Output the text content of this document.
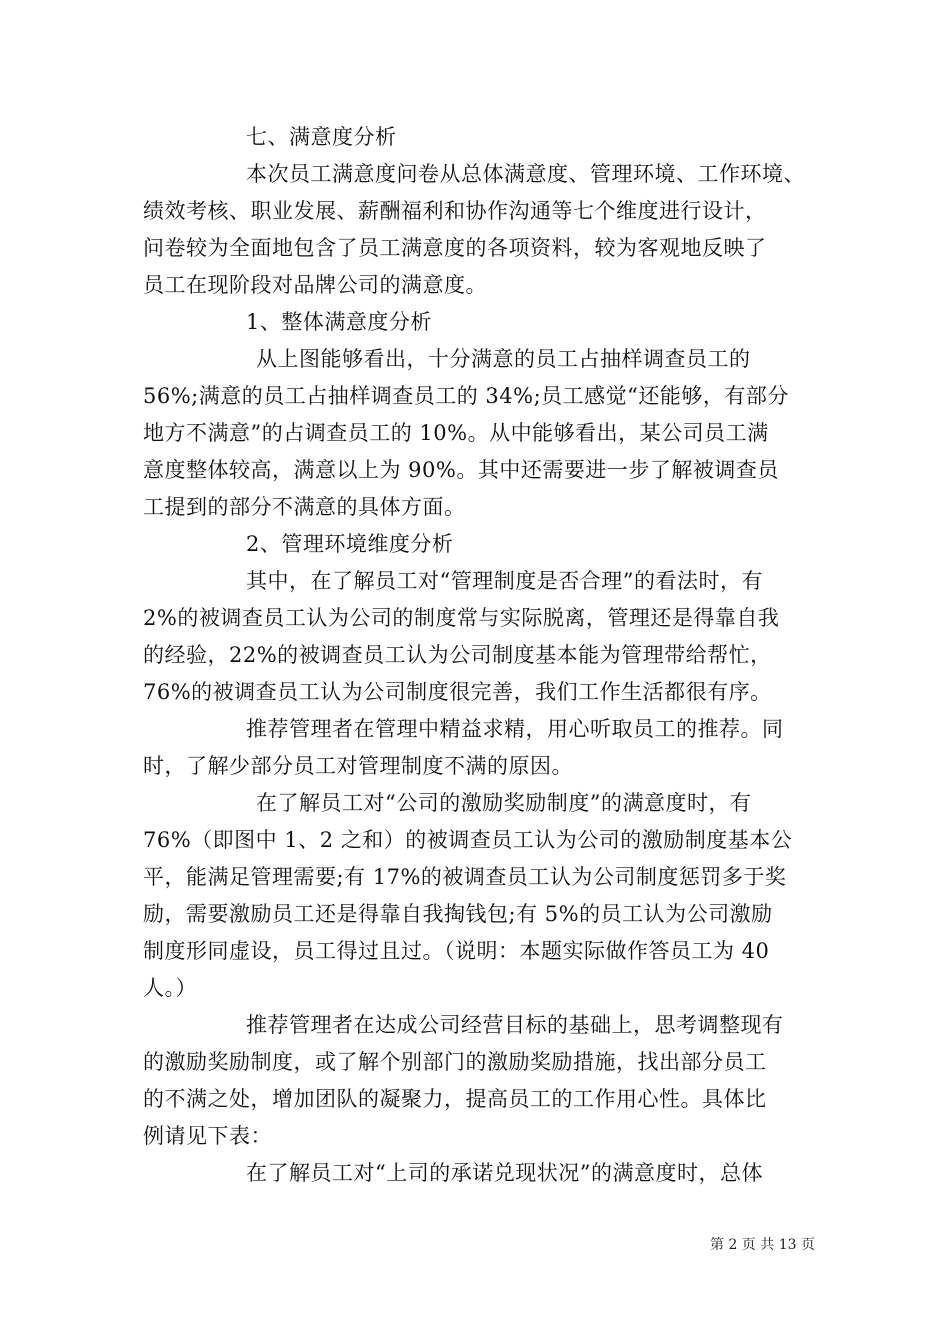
七、满意度分析
本次员工满意度问卷从总体满意度、管理环境、工作环境、
绩效考核、职业发展、薪酬福利和协作沟通等七个维度进行设计，
问卷较为全面地包含了员工满意度的各项资料，较为客观地反映了
员工在现阶段对品牌公司的满意度。
1、整体满意度分析
从上图能够看出，十分满意的员工占抽样调查员工的
56%;满意的员工占抽样调查员工的 34%;员工感觉“还能够，有部分
地方不满意”的占调查员工的 10%。从中能够看出，某公司员工满
意度整体较高，满意以上为 90%。其中还需要进一步了解被调查员
工提到的部分不满意的具体方面。
2、管理环境维度分析
其中，在了解员工对“管理制度是否合理”的看法时，有
2%的被调查员工认为公司的制度常与实际脱离，管理还是得靠自我
的经验，22%的被调查员工认为公司制度基本能为管理带给帮忙，
76%的被调查员工认为公司制度很完善，我们工作生活都很有序。
推荐管理者在管理中精益求精，用心听取员工的推荐。同
时，了解少部分员工对管理制度不满的原因。
在了解员工对“公司的激励奖励制度”的满意度时，有
76%（即图中 1、2 之和）的被调查员工认为公司的激励制度基本公
平，能满足管理需要;有 17%的被调查员工认为公司制度惩罚多于奖
励，需要激励员工还是得靠自我掏钱包;有 5%的员工认为公司激励
制度形同虚设，员工得过且过。（说明：本题实际做作答员工为 40
人。）
推荐管理者在达成公司经营目标的基础上，思考调整现有
的激励奖励制度，或了解个别部门的激励奖励措施，找出部分员工
的不满之处，增加团队的凝聚力，提高员工的工作用心性。具体比
例请见下表：
在了解员工对“上司的承诺兑现状况”的满意度时，总体
第 2 页 共 13 页
